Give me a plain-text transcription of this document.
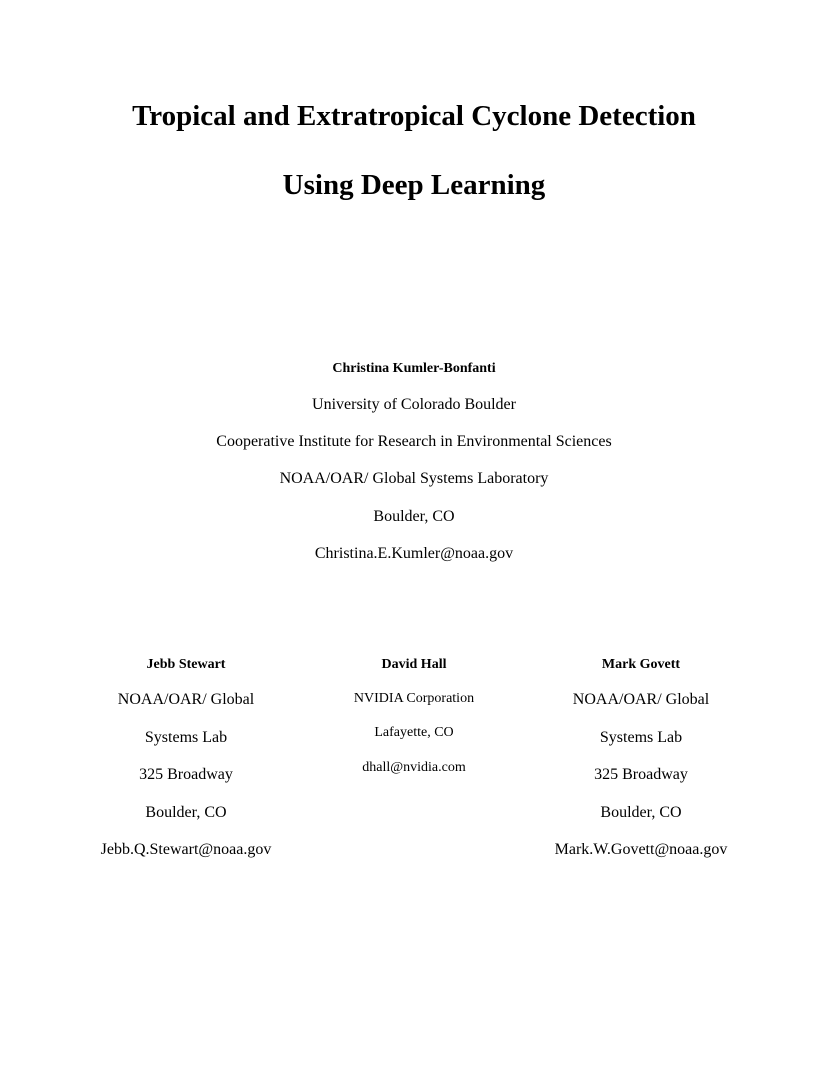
Tropical and Extratropical Cyclone Detection
Using Deep Learning
Christina Kumler-Bonfanti
University of Colorado Boulder
Cooperative Institute for Research in Environmental Sciences
NOAA/OAR/ Global Systems Laboratory
Boulder, CO
Christina.E.Kumler@noaa.gov
Jebb Stewart
NOAA/OAR/ Global
Systems Lab
325 Broadway
Boulder, CO
Jebb.Q.Stewart@noaa.gov
David Hall
NVIDIA Corporation
Lafayette, CO
dhall@nvidia.com
Mark Govett
NOAA/OAR/ Global
Systems Lab
325 Broadway
Boulder, CO
Mark.W.Govett@noaa.gov
